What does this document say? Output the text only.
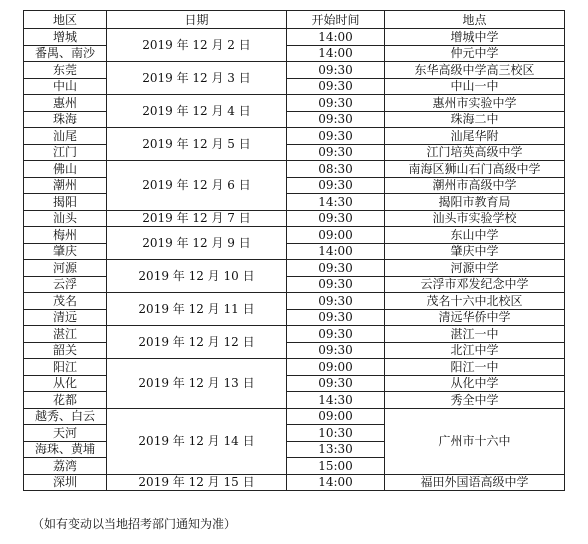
地区	日期	开始时间	地点
增城	2019 年 12 月 2 日	14:00	增城中学
番禺、南沙		14:00	仲元中学
东莞	2019 年 12 月 3 日	09:30	东华高级中学高三校区
中山		09:30	中山一中
惠州	2019 年 12 月 4 日	09:30	惠州市实验中学
珠海		09:30	珠海二中
汕尾	2019 年 12 月 5 日	09:30	汕尾华附
江门		09:30	江门培英高级中学
佛山	2019 年 12 月 6 日	08:30	南海区狮山石门高级中学
潮州		09:30	潮州市高级中学
揭阳		14:30	揭阳市教育局
汕头	2019 年 12 月 7 日	09:30	汕头市实验学校
梅州	2019 年 12 月 9 日	09:00	东山中学
肇庆		14:00	肇庆中学
河源	2019 年 12 月 10 日	09:30	河源中学
云浮		09:30	云浮市邓发纪念中学
茂名	2019 年 12 月 11 日	09:30	茂名十六中北校区
清远		09:30	清远华侨中学
湛江	2019 年 12 月 12 日	09:30	湛江一中
韶关		09:30	北江中学
阳江	2019 年 12 月 13 日	09:00	阳江一中
从化		09:30	从化中学
花都		14:30	秀全中学
越秀、白云	2019 年 12 月 14 日	09:00	广州市十六中
天河		10:30	
海珠、黄埔		13:30	
荔湾		15:00	
深圳	2019 年 12 月 15 日	14:00	福田外国语高级中学
（如有变动以当地招考部门通知为准）
